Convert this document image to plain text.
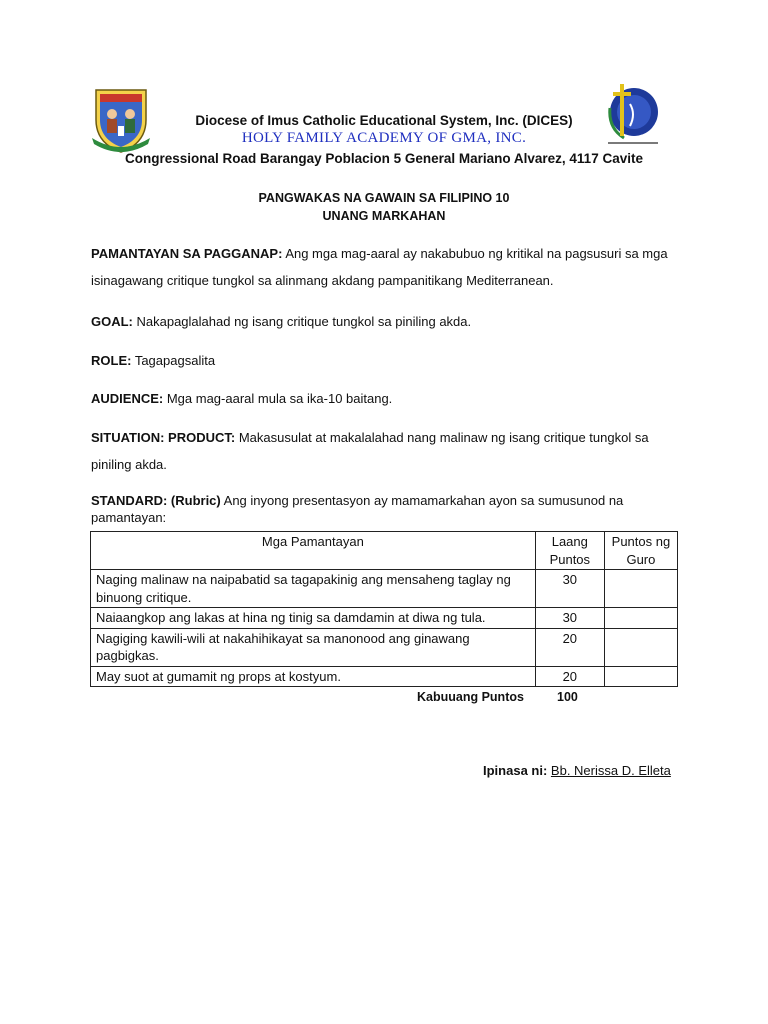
Diocese of Imus Catholic Educational System, Inc. (DICES)
HOLY FAMILY ACADEMY OF GMA, INC.
Congressional Road Barangay Poblacion 5 General Mariano Alvarez, 4117 Cavite
PANGWAKAS NA GAWAIN SA FILIPINO 10
UNANG MARKAHAN
PAMANTAYAN SA PAGGANAP: Ang mga mag-aaral ay nakabubuo ng kritikal na pagsusuri sa mga isinagawang critique tungkol sa alinmang akdang pampanitikang Mediterranean.
GOAL: Nakapaglalahad ng isang critique tungkol sa piniling akda.
ROLE: Tagapagsalita
AUDIENCE: Mga mag-aaral mula sa ika-10 baitang.
SITUATION: PRODUCT: Makasusulat at makalalahad nang malinaw ng isang critique tungkol sa piniling akda.
STANDARD: (Rubric) Ang inyong presentasyon ay mamamarkahan ayon sa sumusunod na pamantayan:
Mga Pamantayan	Laang Puntos	Puntos ng Guro
Naging malinaw na naipabatid sa tagapakinig ang mensaheng taglay ng binuong critique.	30	
Naiaangkop ang lakas at hina ng tinig sa damdamin at diwa ng tula.	30	
Nagiging kawili-wili at nakahihikayat sa manonood ang ginawang pagbigkas.	20	
May suot at gumamit ng props at kostyum.	20	
Kabuuang Puntos	100
Ipinasa ni: Bb. Nerissa D. Elleta
